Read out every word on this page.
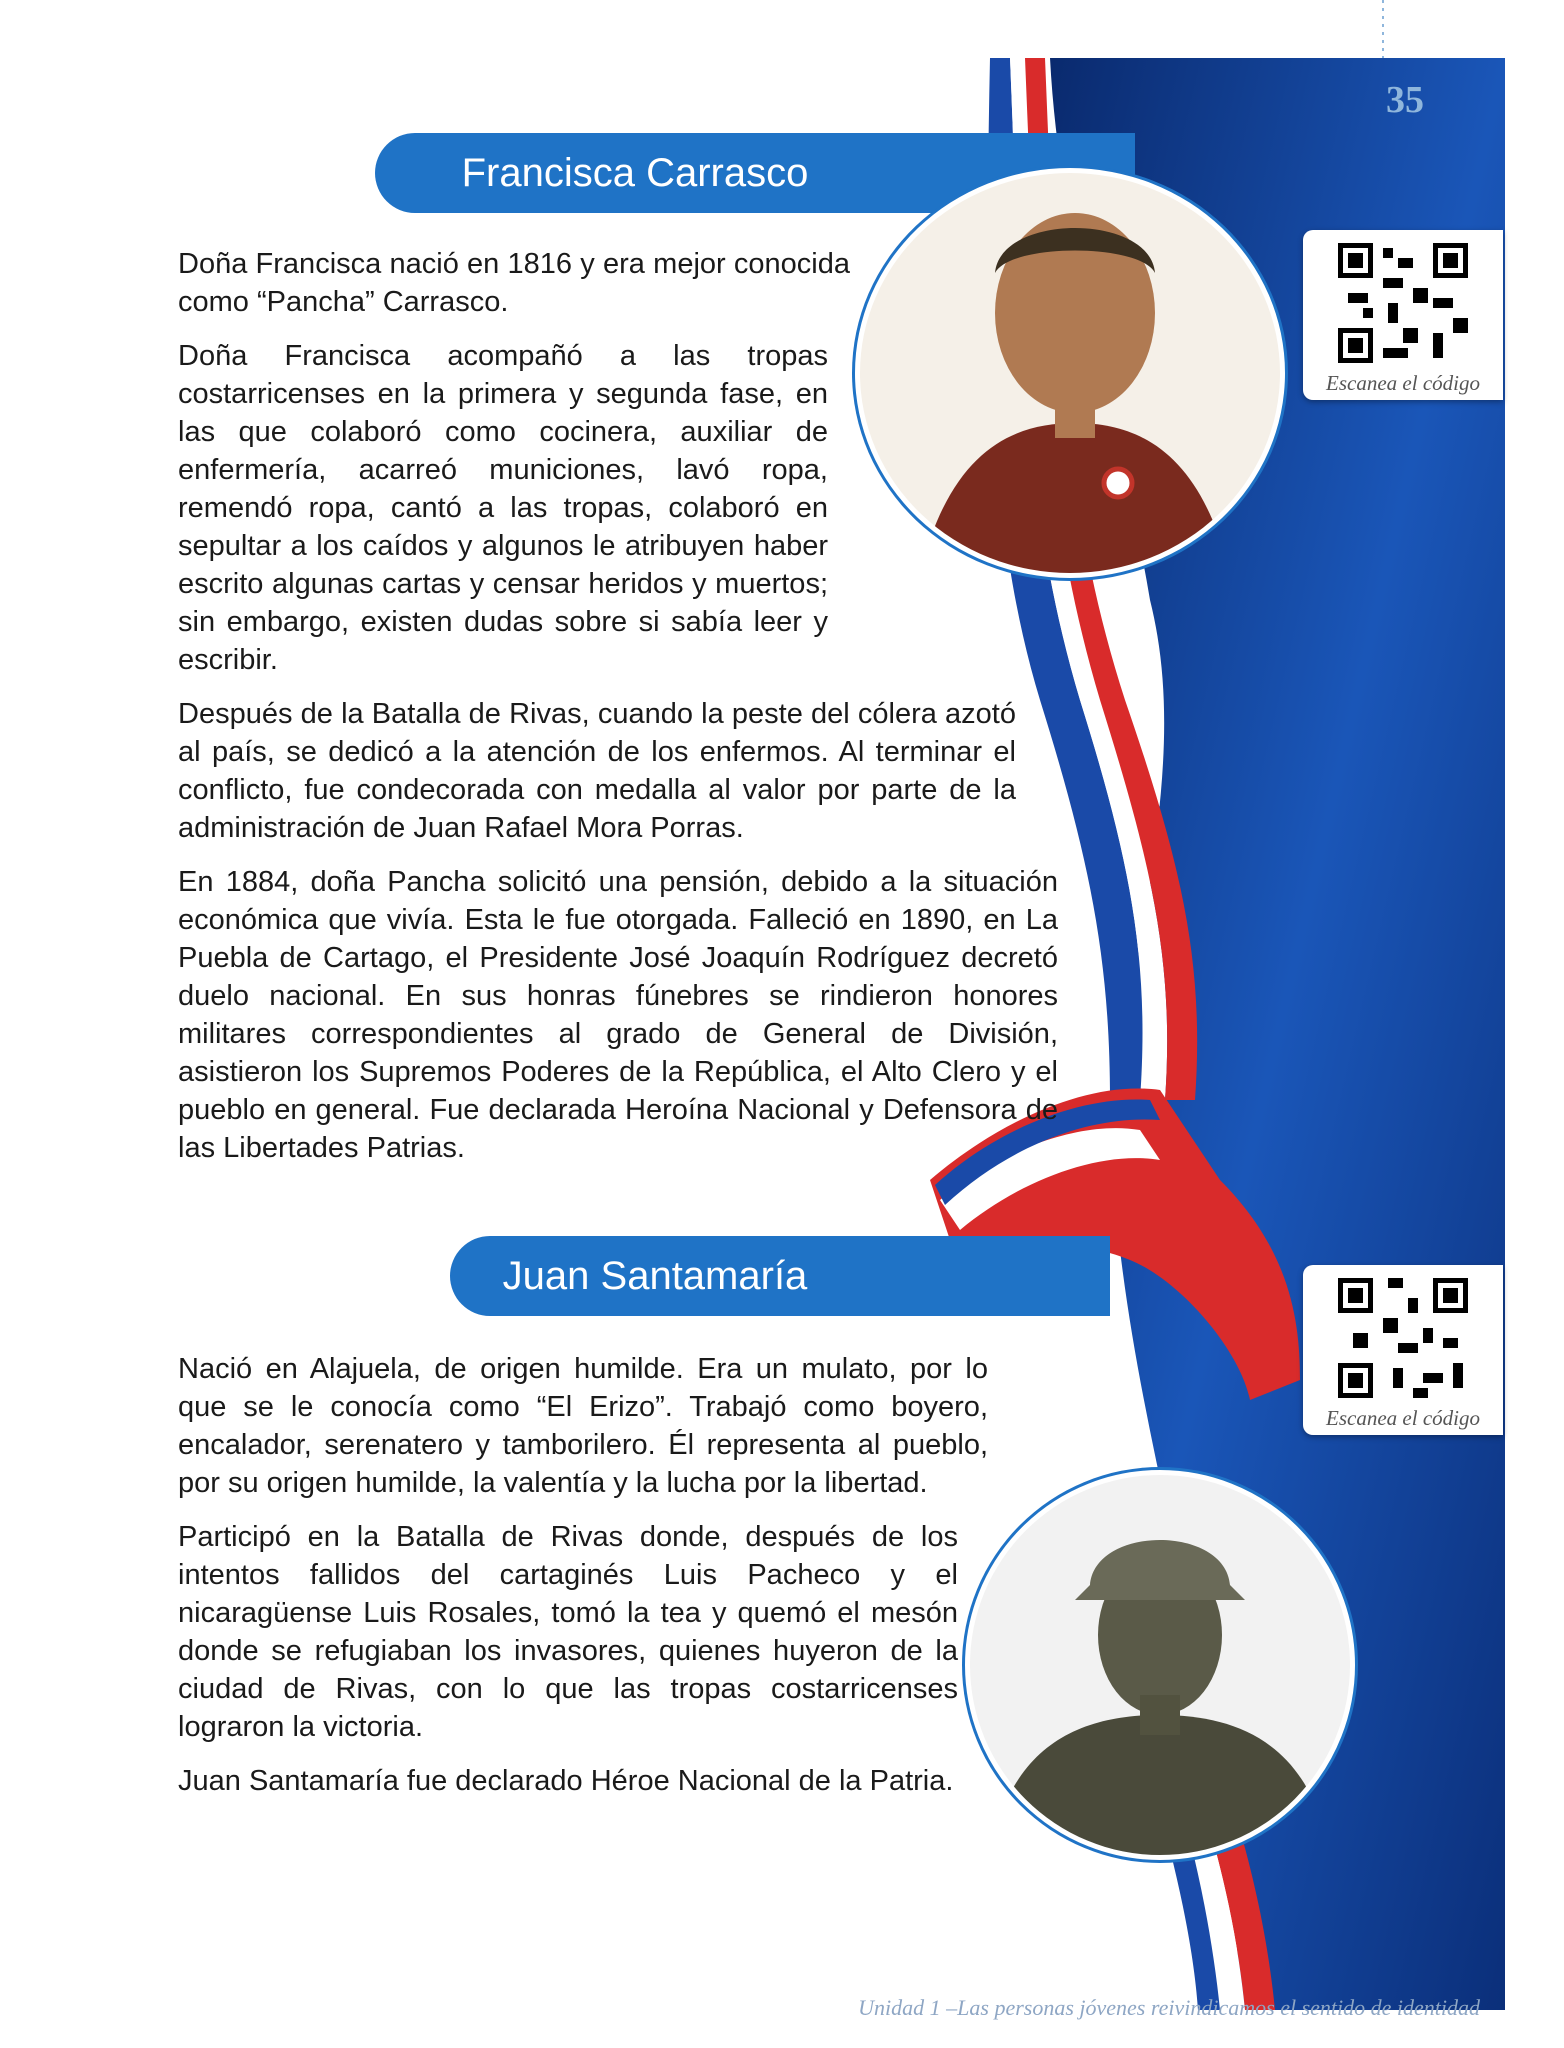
35
Francisca Carrasco
Escanea el código

Doña Francisca nació en 1816 y era mejor conocida como “Pancha” Carrasco.

Doña Francisca acompañó a las tropas costarricenses en la primera y segunda fase, en las que colaboró como cocinera, auxiliar de enfermería, acarreó municiones, lavó ropa, remendó ropa, cantó a las tropas, colaboró en sepultar a los caídos y algunos le atribuyen haber escrito algunas cartas y censar heridos y muertos; sin embargo, existen dudas sobre si sabía leer y escribir.

Después de la Batalla de Rivas, cuando la peste del cólera azotó al país, se dedicó a la atención de los enfermos. Al terminar el conflicto, fue condecorada con medalla al valor por parte de la administración de Juan Rafael Mora Porras.

En 1884, doña Pancha solicitó una pensión, debido a la situación económica que vivía. Esta le fue otorgada. Falleció en 1890, en La Puebla de Cartago, el Presidente José Joaquín Rodríguez decretó duelo nacional. En sus honras fúnebres se rindieron honores militares correspondientes al grado de General de División, asistieron los Supremos Poderes de la República, el Alto Clero y el pueblo en general. Fue declarada Heroína Nacional y Defensora de las Libertades Patrias.

Juan Santamaría
Escanea el código

Nació en Alajuela, de origen humilde. Era un mulato, por lo que se le conocía como “El Erizo”. Trabajó como boyero, encalador, serenatero y tamborilero. Él representa al pueblo, por su origen humilde, la valentía y la lucha por la libertad.

Participó en la Batalla de Rivas donde, después de los intentos fallidos del cartaginés Luis Pacheco y el nicaragüense Luis Rosales, tomó la tea y quemó el mesón donde se refugiaban los invasores, quienes huyeron de la ciudad de Rivas, con lo que las tropas costarricenses lograron la victoria.

Juan Santamaría fue declarado Héroe Nacional de la Patria.

Unidad 1 –Las personas jóvenes reivindicamos el sentido de identidad
